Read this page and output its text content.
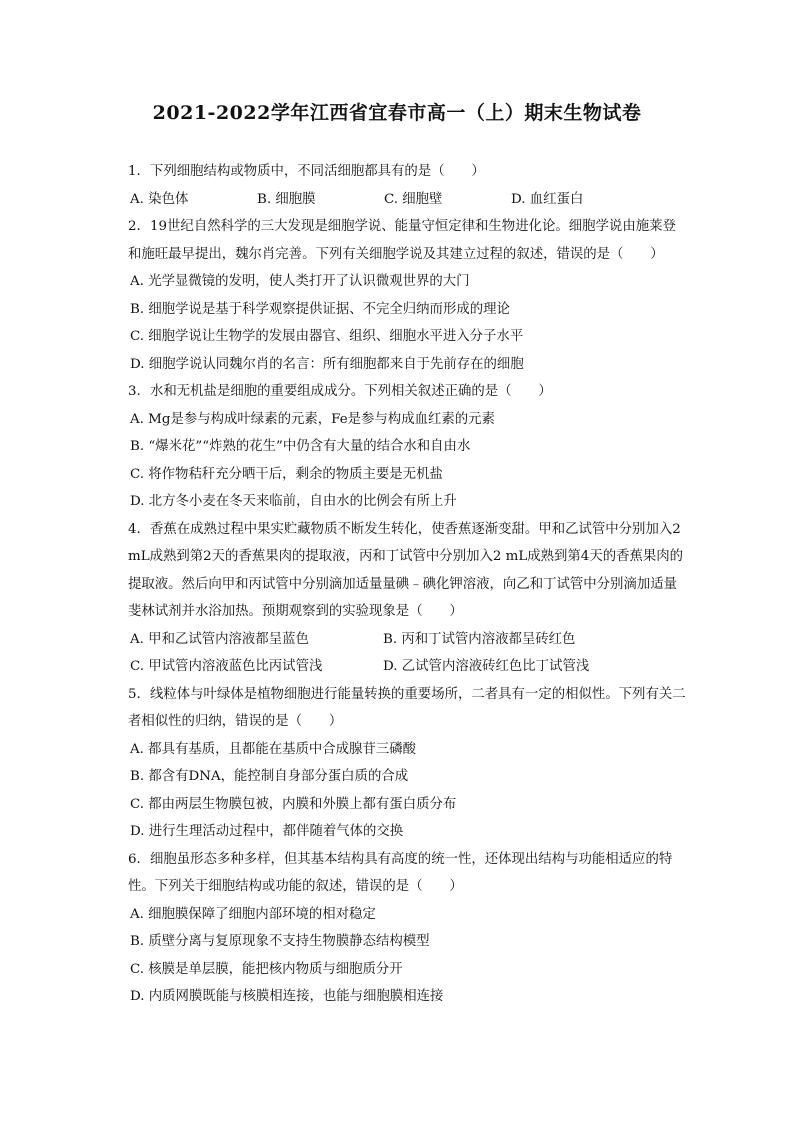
2021-2022学年江西省宜春市高一（上）期末生物试卷

1. 下列细胞结构或物质中，不同活细胞都具有的是（　　）

A. 染色体	B. 细胞膜	C. 细胞壁	D. 血红蛋白

2. 19世纪自然科学的三大发现是细胞学说、能量守恒定律和生物进化论。细胞学说由施莱登和施旺最早提出，魏尔肖完善。下列有关细胞学说及其建立过程的叙述，错误的是（　　）

A. 光学显微镜的发明，使人类打开了认识微观世界的大门

B. 细胞学说是基于科学观察提供证据、不完全归纳而形成的理论

C. 细胞学说让生物学的发展由器官、组织、细胞水平进入分子水平

D. 细胞学说认同魏尔肖的名言：所有细胞都来自于先前存在的细胞

3. 水和无机盐是细胞的重要组成成分。下列相关叙述正确的是（　　）

A. Mg是参与构成叶绿素的元素，Fe是参与构成血红素的元素

B. “爆米花”“炸熟的花生”中仍含有大量的结合水和自由水

C. 将作物秸秆充分晒干后，剩余的物质主要是无机盐

D. 北方冬小麦在冬天来临前，自由水的比例会有所上升

4. 香蕉在成熟过程中果实贮藏物质不断发生转化，使香蕉逐渐变甜。甲和乙试管中分别加入2mL成熟到第2天的香蕉果肉的提取液，丙和丁试管中分别加入2 mL成熟到第4天的香蕉果肉的提取液。然后向甲和丙试管中分别滴加适量量碘﹣碘化钾溶液，向乙和丁试管中分别滴加适量斐林试剂并水浴加热。预期观察到的实验现象是（　　）

A. 甲和乙试管内溶液都呈蓝色	B. 丙和丁试管内溶液都呈砖红色
C. 甲试管内溶液蓝色比丙试管浅	D. 乙试管内溶液砖红色比丁试管浅

5. 线粒体与叶绿体是植物细胞进行能量转换的重要场所，二者具有一定的相似性。下列有关二者相似性的归纳，错误的是（　　）

A. 都具有基质，且都能在基质中合成腺苷三磷酸

B. 都含有DNA，能控制自身部分蛋白质的合成

C. 都由两层生物膜包被，内膜和外膜上都有蛋白质分布

D. 进行生理活动过程中，都伴随着气体的交换

6. 细胞虽形态多种多样，但其基本结构具有高度的统一性，还体现出结构与功能相适应的特性。下列关于细胞结构或功能的叙述，错误的是（　　）

A. 细胞膜保障了细胞内部环境的相对稳定

B. 质壁分离与复原现象不支持生物膜静态结构模型

C. 核膜是单层膜，能把核内物质与细胞质分开

D. 内质网膜既能与核膜相连接，也能与细胞膜相连接
